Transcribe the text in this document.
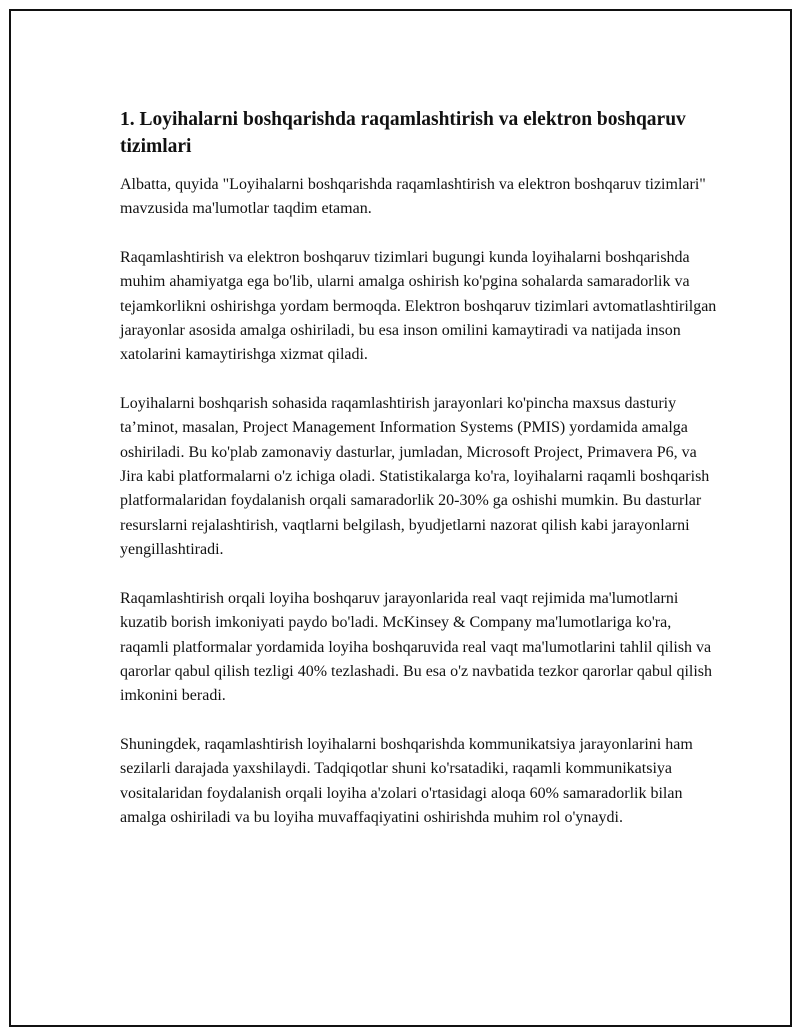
1. Loyihalarni boshqarishda raqamlashtirish va elektron boshqaruv tizimlari

Albatta, quyida "Loyihalarni boshqarishda raqamlashtirish va elektron boshqaruv tizimlari" mavzusida ma'lumotlar taqdim etaman.

Raqamlashtirish va elektron boshqaruv tizimlari bugungi kunda loyihalarni boshqarishda muhim ahamiyatga ega bo'lib, ularni amalga oshirish ko'pgina sohalarda samaradorlik va tejamkorlikni oshirishga yordam bermoqda. Elektron boshqaruv tizimlari avtomatlashtirilgan jarayonlar asosida amalga oshiriladi, bu esa inson omilini kamaytiradi va natijada inson xatolarini kamaytirishga xizmat qiladi.

Loyihalarni boshqarish sohasida raqamlashtirish jarayonlari ko'pincha maxsus dasturiy ta’minot, masalan, Project Management Information Systems (PMIS) yordamida amalga oshiriladi. Bu ko'plab zamonaviy dasturlar, jumladan, Microsoft Project, Primavera P6, va Jira kabi platformalarni o'z ichiga oladi. Statistikalarga ko'ra, loyihalarni raqamli boshqarish platformalaridan foydalanish orqali samaradorlik 20-30% ga oshishi mumkin. Bu dasturlar resurslarni rejalashtirish, vaqtlarni belgilash, byudjetlarni nazorat qilish kabi jarayonlarni yengillashtiradi.

Raqamlashtirish orqali loyiha boshqaruv jarayonlarida real vaqt rejimida ma'lumotlarni kuzatib borish imkoniyati paydo bo'ladi. McKinsey & Company ma'lumotlariga ko'ra, raqamli platformalar yordamida loyiha boshqaruvida real vaqt ma'lumotlarini tahlil qilish va qarorlar qabul qilish tezligi 40% tezlashadi. Bu esa o'z navbatida tezkor qarorlar qabul qilish imkonini beradi.

Shuningdek, raqamlashtirish loyihalarni boshqarishda kommunikatsiya jarayonlarini ham sezilarli darajada yaxshilaydi. Tadqiqotlar shuni ko'rsatadiki, raqamli kommunikatsiya vositalaridan foydalanish orqali loyiha a'zolari o'rtasidagi aloqa 60% samaradorlik bilan amalga oshiriladi va bu loyiha muvaffaqiyatini oshirishda muhim rol o'ynaydi.
